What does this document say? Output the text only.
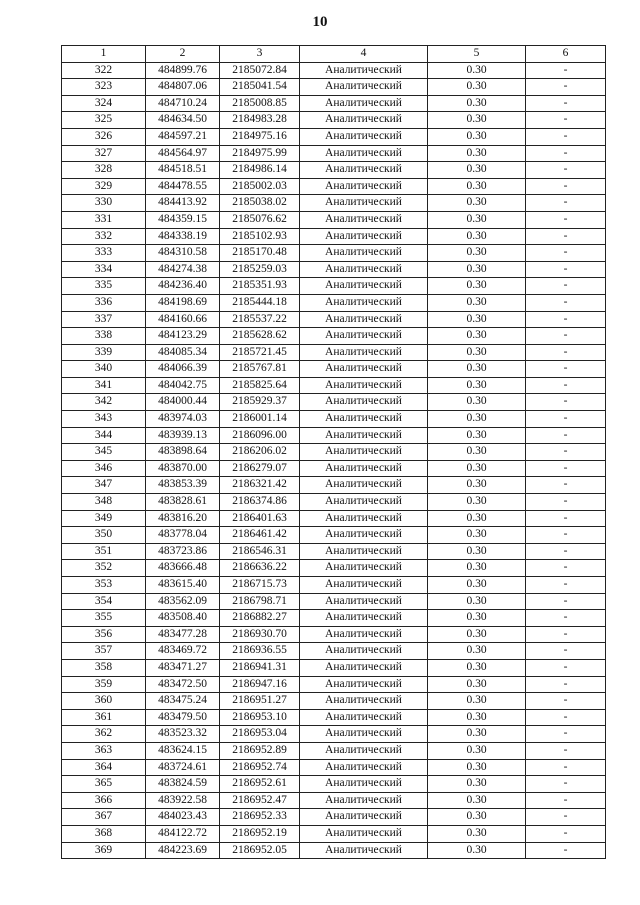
10
1	2	3	4	5	6
322	484899.76	2185072.84	Аналитический	0.30	-
323	484807.06	2185041.54	Аналитический	0.30	-
324	484710.24	2185008.85	Аналитический	0.30	-
325	484634.50	2184983.28	Аналитический	0.30	-
326	484597.21	2184975.16	Аналитический	0.30	-
327	484564.97	2184975.99	Аналитический	0.30	-
328	484518.51	2184986.14	Аналитический	0.30	-
329	484478.55	2185002.03	Аналитический	0.30	-
330	484413.92	2185038.02	Аналитический	0.30	-
331	484359.15	2185076.62	Аналитический	0.30	-
332	484338.19	2185102.93	Аналитический	0.30	-
333	484310.58	2185170.48	Аналитический	0.30	-
334	484274.38	2185259.03	Аналитический	0.30	-
335	484236.40	2185351.93	Аналитический	0.30	-
336	484198.69	2185444.18	Аналитический	0.30	-
337	484160.66	2185537.22	Аналитический	0.30	-
338	484123.29	2185628.62	Аналитический	0.30	-
339	484085.34	2185721.45	Аналитический	0.30	-
340	484066.39	2185767.81	Аналитический	0.30	-
341	484042.75	2185825.64	Аналитический	0.30	-
342	484000.44	2185929.37	Аналитический	0.30	-
343	483974.03	2186001.14	Аналитический	0.30	-
344	483939.13	2186096.00	Аналитический	0.30	-
345	483898.64	2186206.02	Аналитический	0.30	-
346	483870.00	2186279.07	Аналитический	0.30	-
347	483853.39	2186321.42	Аналитический	0.30	-
348	483828.61	2186374.86	Аналитический	0.30	-
349	483816.20	2186401.63	Аналитический	0.30	-
350	483778.04	2186461.42	Аналитический	0.30	-
351	483723.86	2186546.31	Аналитический	0.30	-
352	483666.48	2186636.22	Аналитический	0.30	-
353	483615.40	2186715.73	Аналитический	0.30	-
354	483562.09	2186798.71	Аналитический	0.30	-
355	483508.40	2186882.27	Аналитический	0.30	-
356	483477.28	2186930.70	Аналитический	0.30	-
357	483469.72	2186936.55	Аналитический	0.30	-
358	483471.27	2186941.31	Аналитический	0.30	-
359	483472.50	2186947.16	Аналитический	0.30	-
360	483475.24	2186951.27	Аналитический	0.30	-
361	483479.50	2186953.10	Аналитический	0.30	-
362	483523.32	2186953.04	Аналитический	0.30	-
363	483624.15	2186952.89	Аналитический	0.30	-
364	483724.61	2186952.74	Аналитический	0.30	-
365	483824.59	2186952.61	Аналитический	0.30	-
366	483922.58	2186952.47	Аналитический	0.30	-
367	484023.43	2186952.33	Аналитический	0.30	-
368	484122.72	2186952.19	Аналитический	0.30	-
369	484223.69	2186952.05	Аналитический	0.30	-
